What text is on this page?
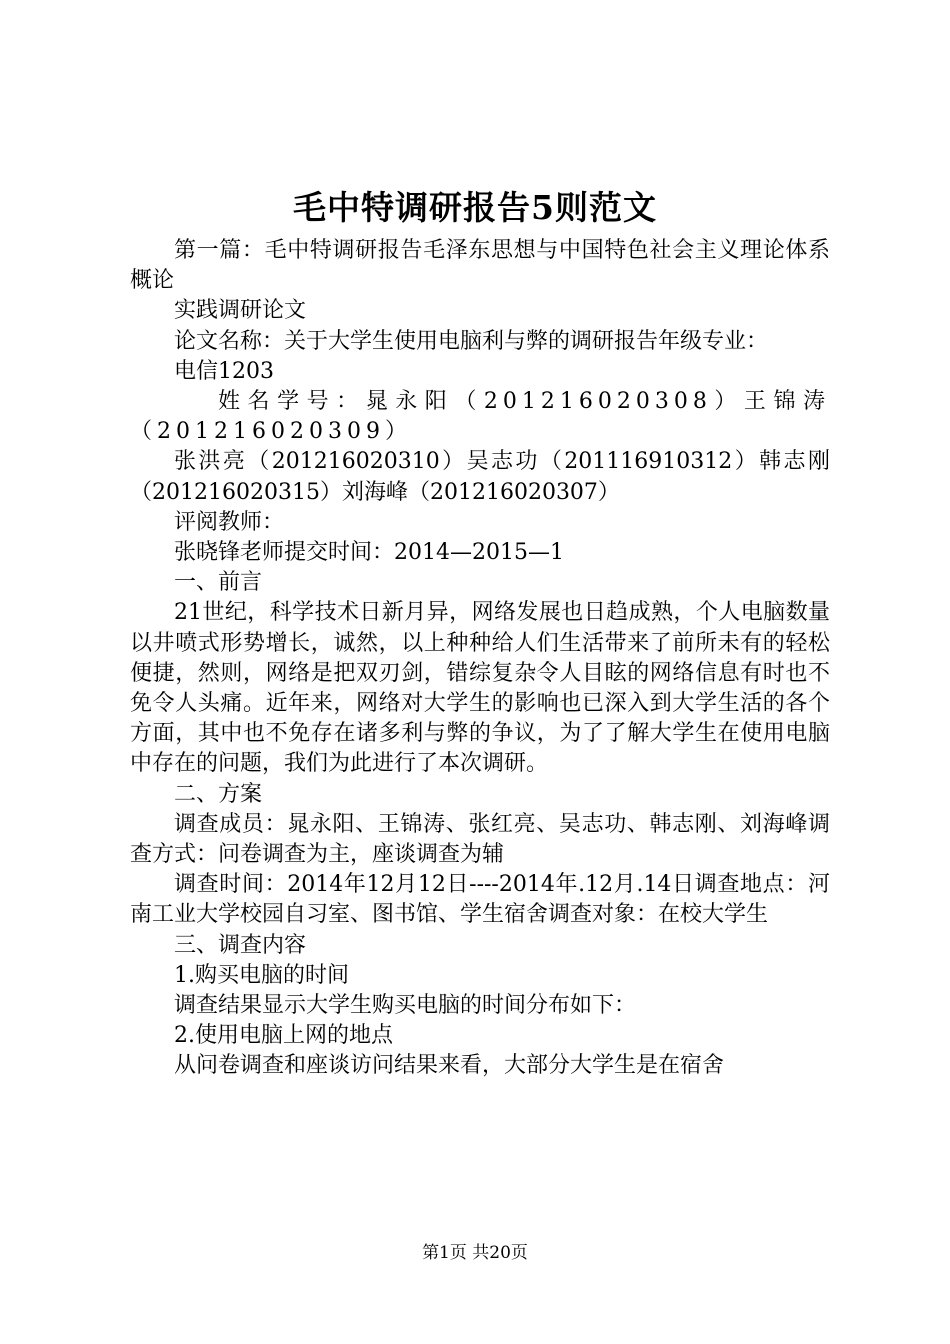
毛中特调研报告5则范文

第一篇：毛中特调研报告毛泽东思想与中国特色社会主义理论体系概论

实践调研论文

论文名称：关于大学生使用电脑利与弊的调研报告年级专业：

电信1203

姓名学号：晁永阳（201216020308）王锦涛（201216020309）

张洪亮（201216020310）吴志功（201116910312）韩志刚（201216020315）刘海峰（201216020307）

评阅教师：

张晓锋老师提交时间：2014—2015—1

一、前言

21世纪，科学技术日新月异，网络发展也日趋成熟，个人电脑数量以井喷式形势增长，诚然，以上种种给人们生活带来了前所未有的轻松便捷，然则，网络是把双刃剑，错综复杂令人目眩的网络信息有时也不免令人头痛。近年来，网络对大学生的影响也已深入到大学生活的各个方面，其中也不免存在诸多利与弊的争议，为了了解大学生在使用电脑中存在的问题，我们为此进行了本次调研。

二、方案

调查成员：晁永阳、王锦涛、张红亮、吴志功、韩志刚、刘海峰调查方式：问卷调查为主，座谈调查为辅

调查时间：2014年12月12日----2014年.12月.14日调查地点：河南工业大学校园自习室、图书馆、学生宿舍调查对象：在校大学生

三、调查内容

1.购买电脑的时间

调查结果显示大学生购买电脑的时间分布如下：

2.使用电脑上网的地点

从问卷调查和座谈访问结果来看，大部分大学生是在宿舍

第1页 共20页
